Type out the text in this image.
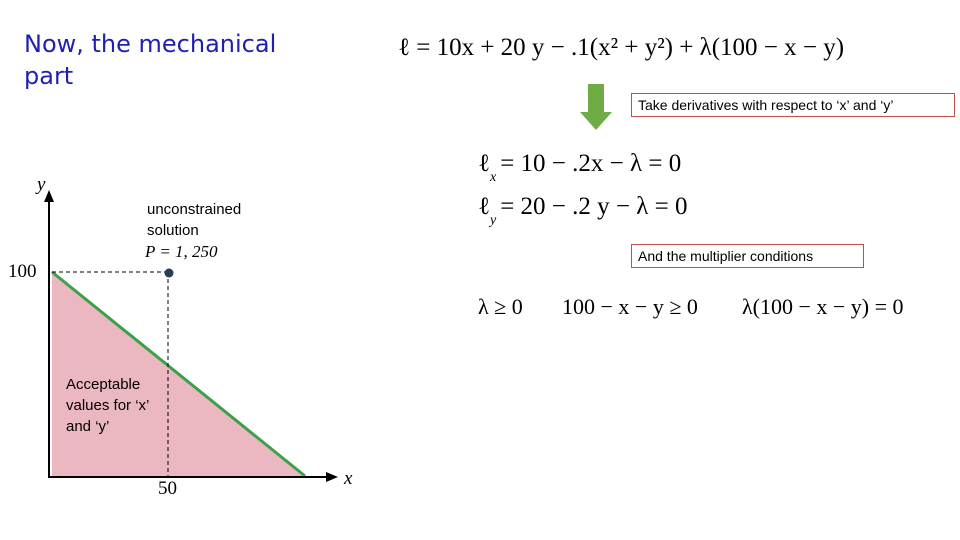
Now, the mechanical part
ℓ = 10x + 20 y − .1(x² + y²) + λ(100 − x − y)
Take derivatives with respect to ‘x’ and ‘y’
ℓ$_x$= 10 − .2x − λ = 0
ℓ$_y$= 20 − .2 y − λ = 0
And the multiplier conditions
λ ≥ 0 100 − x − y ≥ 0 λ(100 − x − y) = 0
y
x
100
50
unconstrained solution
P = 1, 250
Acceptable values for ‘x’ and ‘y’
